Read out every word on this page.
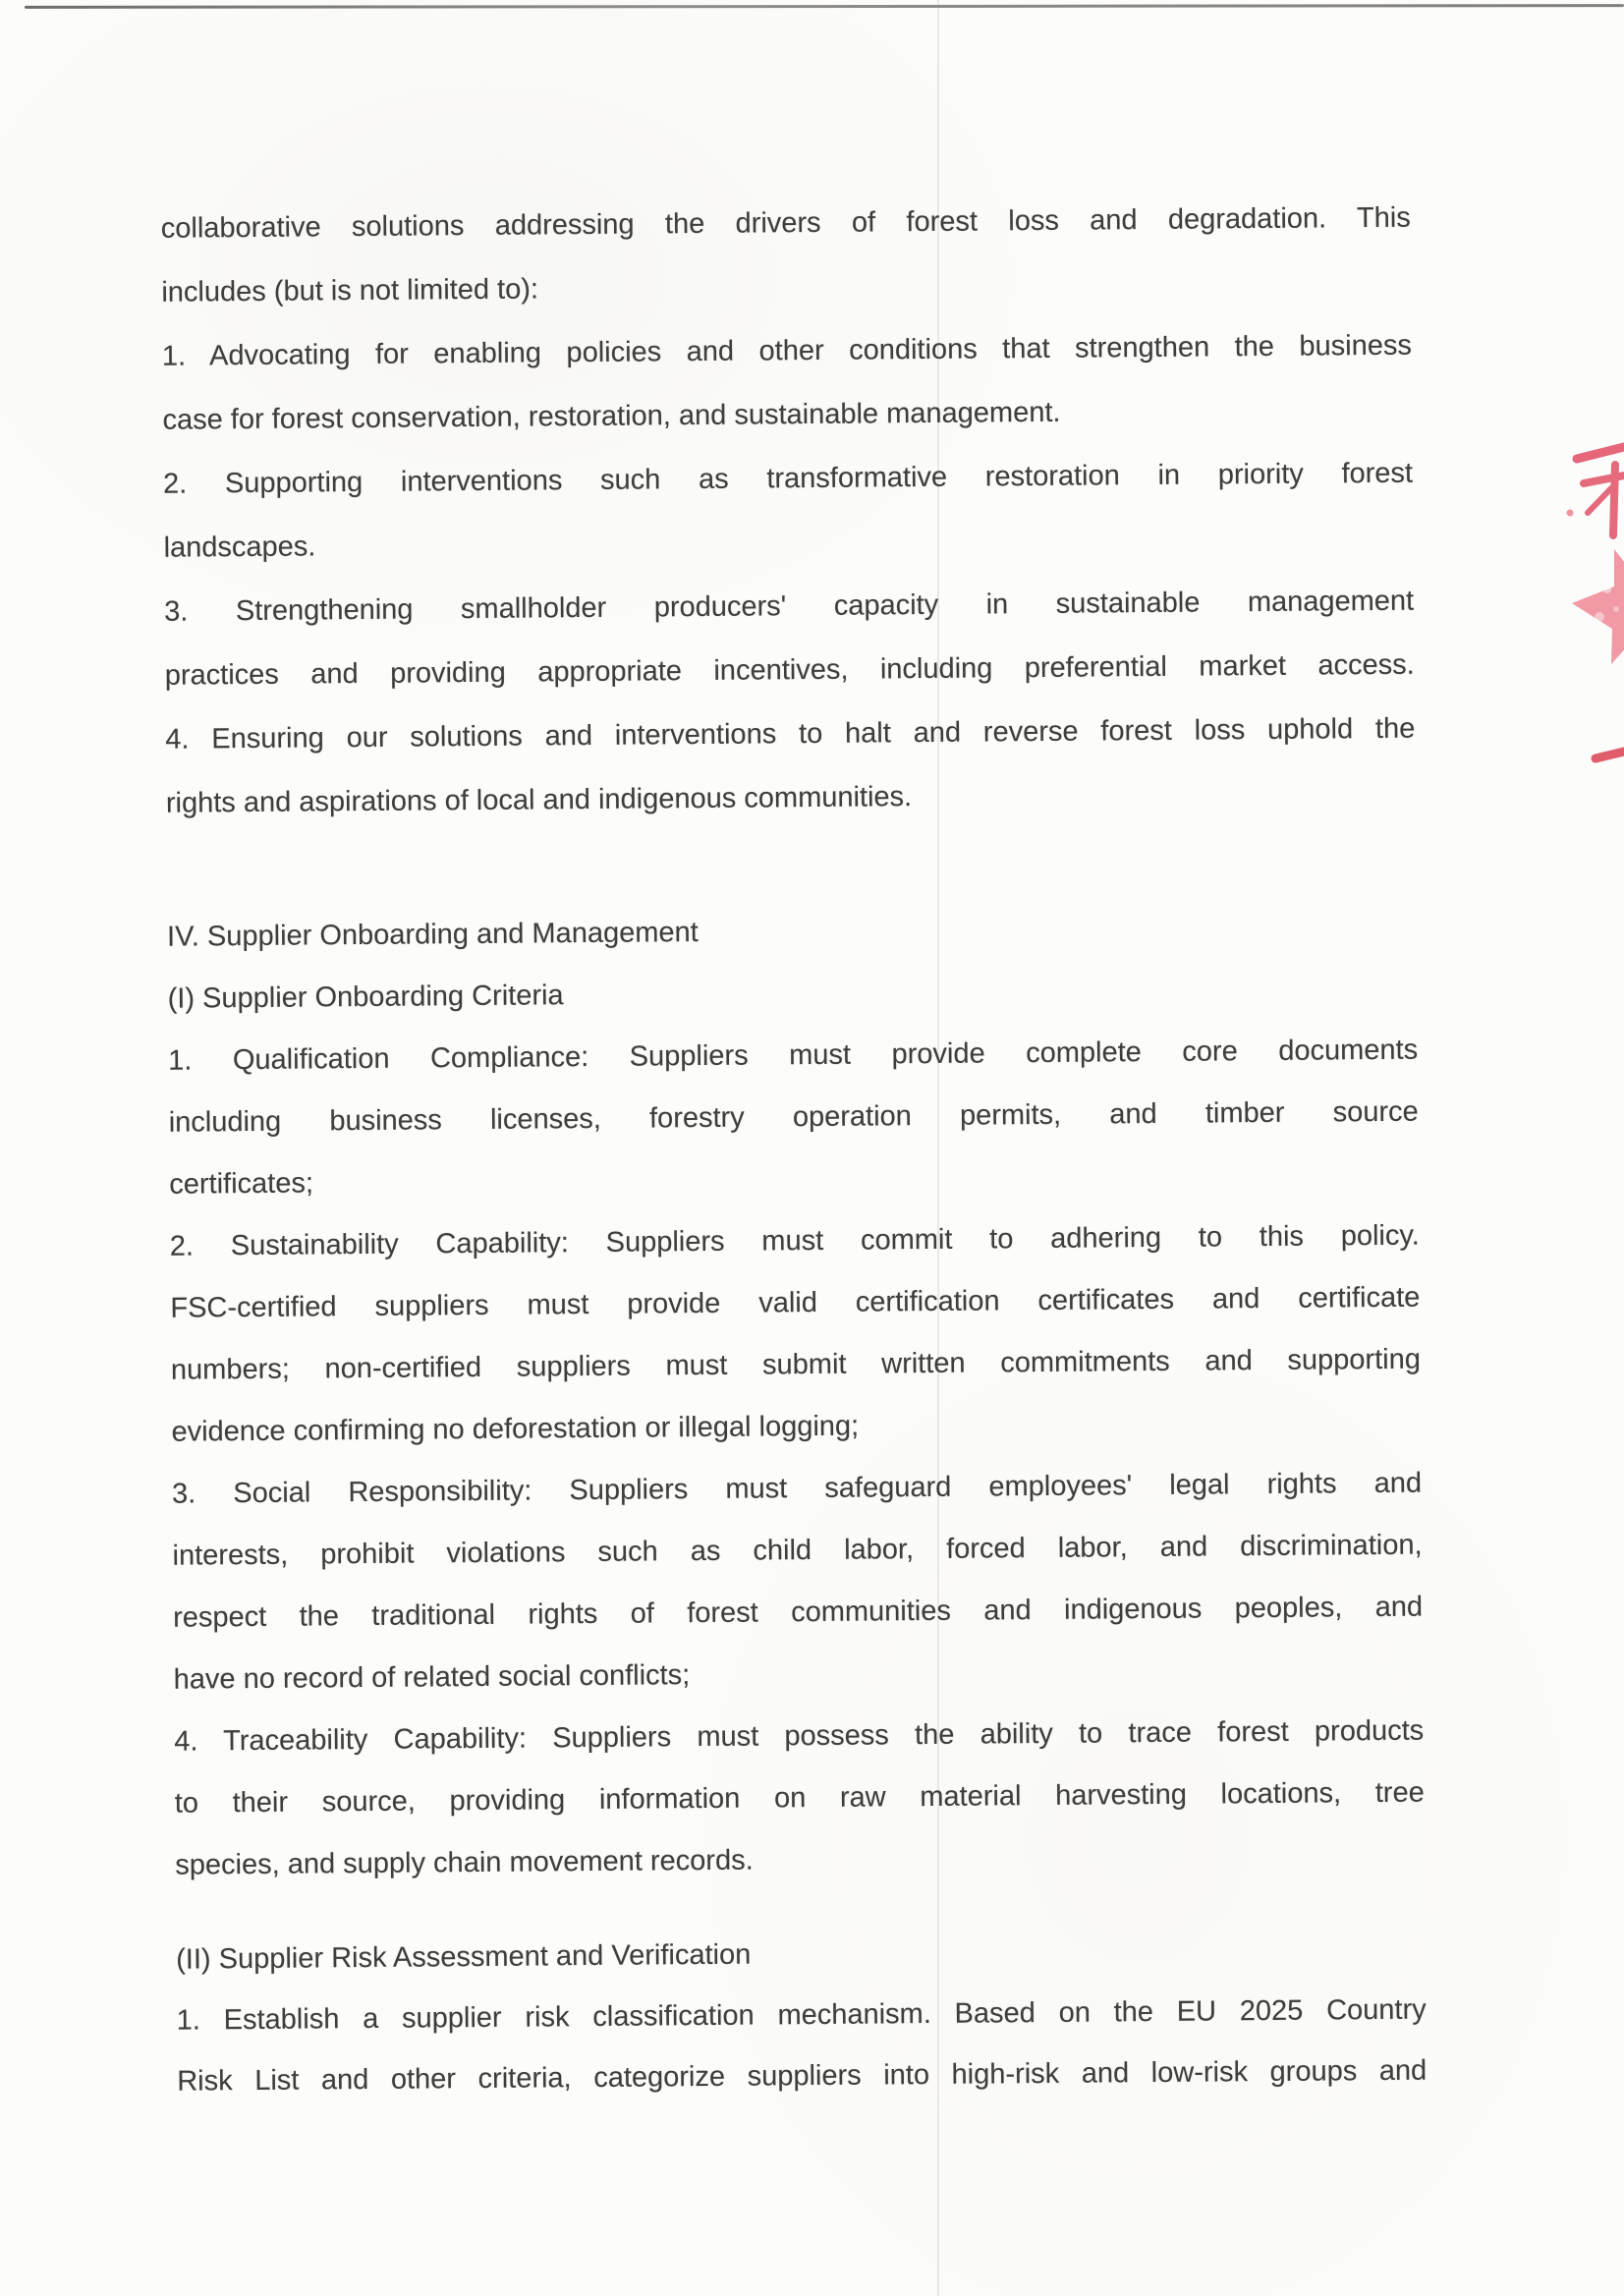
collaborative solutions addressing the drivers of forest loss and degradation. This
includes (but is not limited to):
1. Advocating for enabling policies and other conditions that strengthen the business
case for forest conservation, restoration, and sustainable management.
2. Supporting interventions such as transformative restoration in priority forest
landscapes.
3. Strengthening smallholder producers' capacity in sustainable management
practices and providing appropriate incentives, including preferential market access.
4. Ensuring our solutions and interventions to halt and reverse forest loss uphold the
rights and aspirations of local and indigenous communities.
IV. Supplier Onboarding and Management
(I) Supplier Onboarding Criteria
1. Qualification Compliance: Suppliers must provide complete core documents
including business licenses, forestry operation permits, and timber source
certificates;
2. Sustainability Capability: Suppliers must commit to adhering to this policy.
FSC-certified suppliers must provide valid certification certificates and certificate
numbers; non-certified suppliers must submit written commitments and supporting
evidence confirming no deforestation or illegal logging;
3. Social Responsibility: Suppliers must safeguard employees' legal rights and
interests, prohibit violations such as child labor, forced labor, and discrimination,
respect the traditional rights of forest communities and indigenous peoples, and
have no record of related social conflicts;
4. Traceability Capability: Suppliers must possess the ability to trace forest products
to their source, providing information on raw material harvesting locations, tree
species, and supply chain movement records.
(II) Supplier Risk Assessment and Verification
1. Establish a supplier risk classification mechanism. Based on the EU 2025 Country
Risk List and other criteria, categorize suppliers into high-risk and low-risk groups and
